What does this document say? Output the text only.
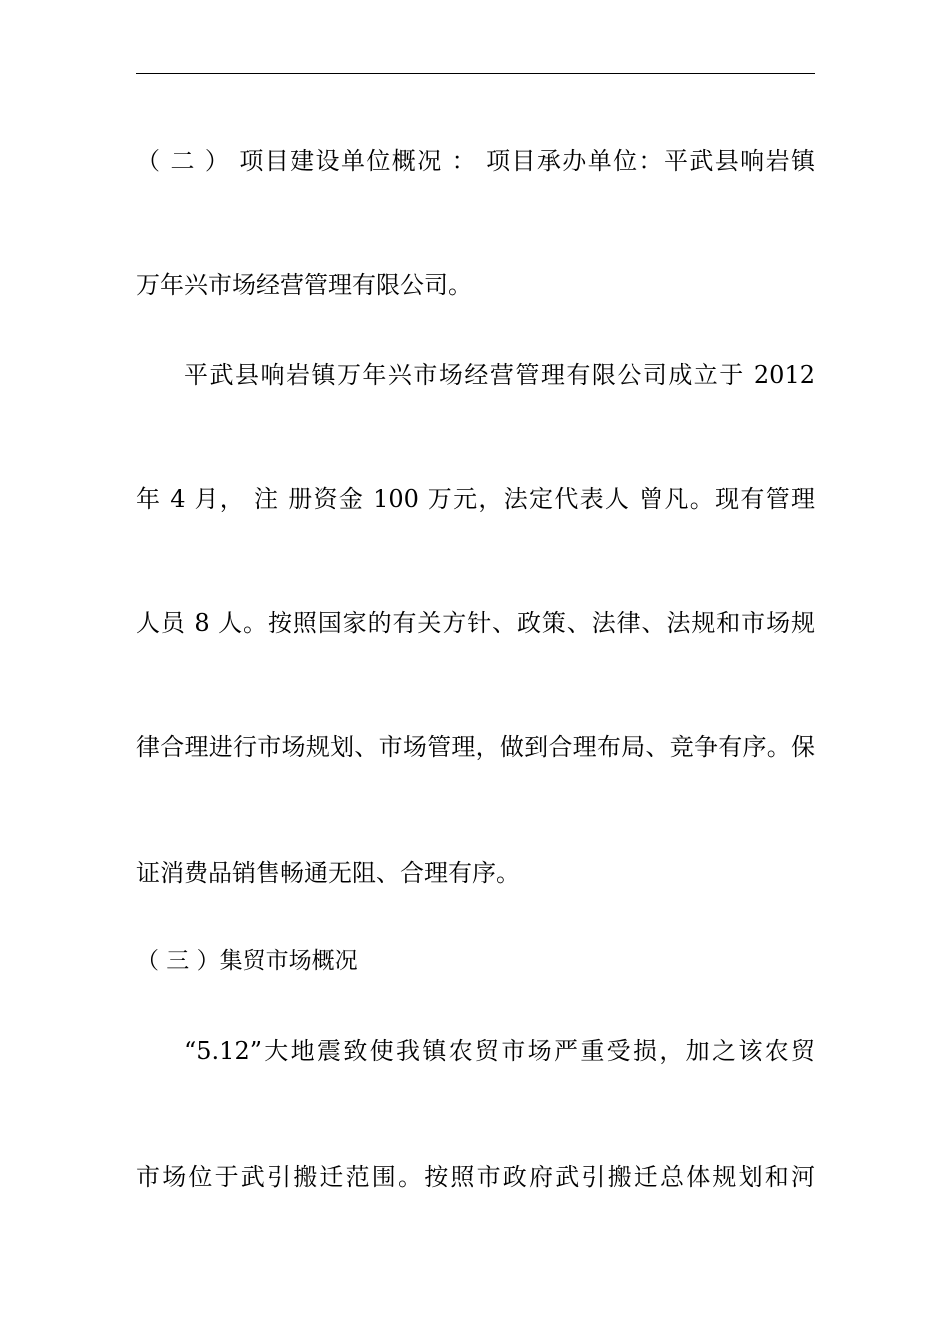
（ 二 ） 项目建设单位概况 ： 项目承办单位：平武县响岩镇
万年兴市场经营管理有限公司。
平武县响岩镇万年兴市场经营管理有限公司成立于 2012
年 4 月， 注 册资金 100 万元，法定代表人 曾凡。现有管理
人员 8 人。按照国家的有关方针、政策、法律、法规和市场规
律合理进行市场规划、市场管理，做到合理布局、竞争有序。保
证消费品销售畅通无阻、合理有序。
（ 三 ）集贸市场概况
“5.12”大地震致使我镇农贸市场严重受损，加之该农贸
市场位于武引搬迁范围。按照市政府武引搬迁总体规划和河
